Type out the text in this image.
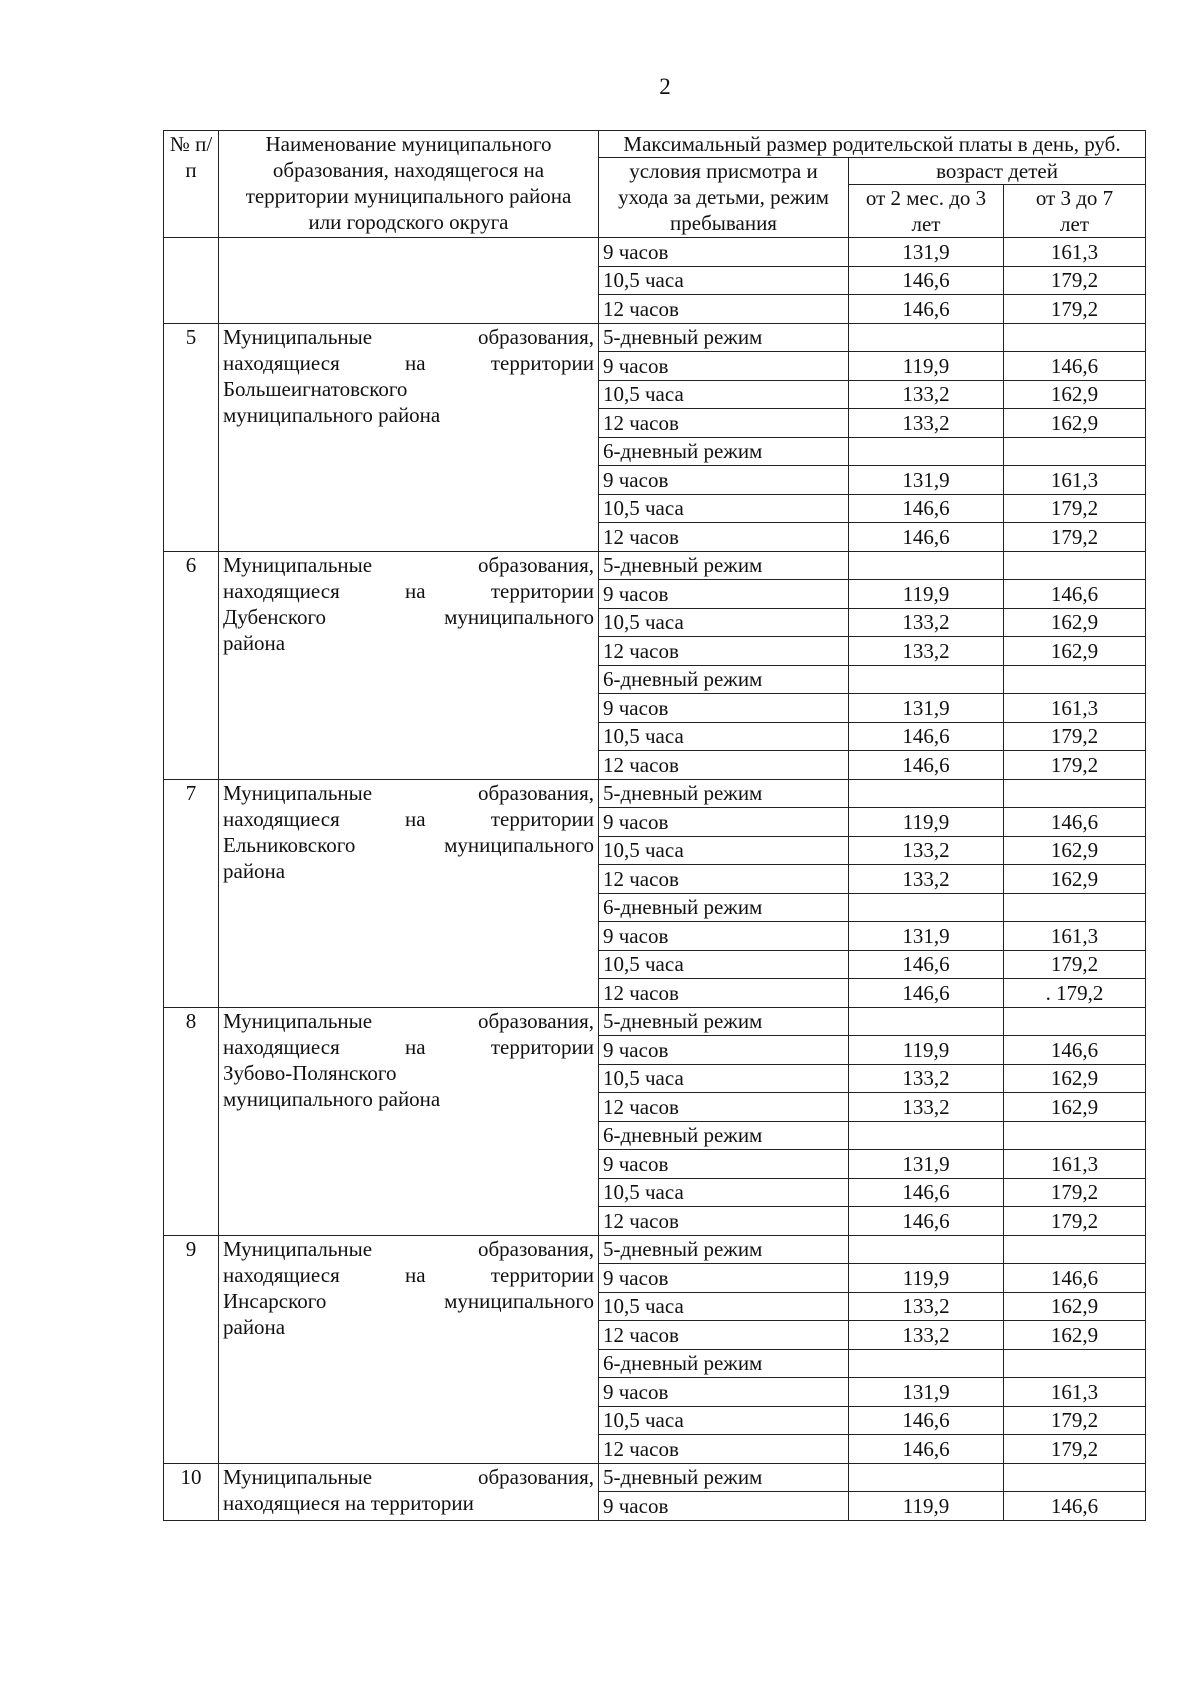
2
№ п/п	Наименование муниципального образования, находящегося на территории муниципального района или городского округа	Максимальный размер родительской платы в день, руб.		
		условия присмотра и ухода за детьми, режим пребывания	возраст детей	
			от 2 мес. до 3 лет	от 3 до 7 лет
		9 часов	131,9	161,3
		10,5 часа	146,6	179,2
		12 часов	146,6	179,2
5	Муниципальные образования,
находящиеся на территории
Большеигнатовского
муниципального района	5-дневный режим		
		9 часов	119,9	146,6
		10,5 часа	133,2	162,9
		12 часов	133,2	162,9
		6-дневный режим		
		9 часов	131,9	161,3
		10,5 часа	146,6	179,2
		12 часов	146,6	179,2
6	Муниципальные образования,
находящиеся на территории
Дубенского муниципального
района	5-дневный режим		
		9 часов	119,9	146,6
		10,5 часа	133,2	162,9
		12 часов	133,2	162,9
		6-дневный режим		
		9 часов	131,9	161,3
		10,5 часа	146,6	179,2
		12 часов	146,6	179,2
7	Муниципальные образования,
находящиеся на территории
Ельниковского муниципального
района	5-дневный режим		
		9 часов	119,9	146,6
		10,5 часа	133,2	162,9
		12 часов	133,2	162,9
		6-дневный режим		
		9 часов	131,9	161,3
		10,5 часа	146,6	179,2
		12 часов	146,6	. 179,2
8	Муниципальные образования,
находящиеся на территории
Зубово-Полянского
муниципального района	5-дневный режим		
		9 часов	119,9	146,6
		10,5 часа	133,2	162,9
		12 часов	133,2	162,9
		6-дневный режим		
		9 часов	131,9	161,3
		10,5 часа	146,6	179,2
		12 часов	146,6	179,2
9	Муниципальные образования,
находящиеся на территории
Инсарского муниципального
района	5-дневный режим		
		9 часов	119,9	146,6
		10,5 часа	133,2	162,9
		12 часов	133,2	162,9
		6-дневный режим		
		9 часов	131,9	161,3
		10,5 часа	146,6	179,2
		12 часов	146,6	179,2
10	Муниципальные образования,
находящиеся на территории	5-дневный режим		
		9 часов	119,9	146,6
